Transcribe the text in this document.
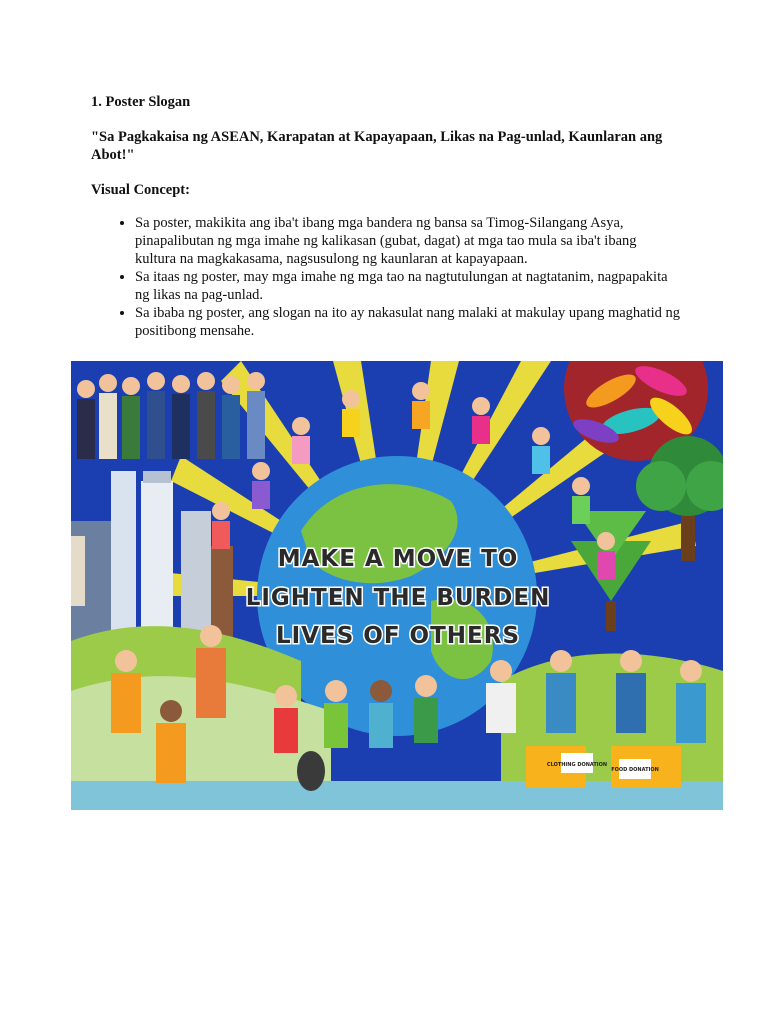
1. Poster Slogan

"Sa Pagkakaisa ng ASEAN, Karapatan at Kapayapaan, Likas na Pag-unlad, Kaunlaran ang Abot!"

Visual Concept:

• Sa poster, makikita ang iba't ibang mga bandera ng bansa sa Timog-Silangang Asya, pinapalibutan ng mga imahe ng kalikasan (gubat, dagat) at mga tao mula sa iba't ibang kultura na magkakasama, nagsusulong ng kaunlaran at kapayapaan.
• Sa itaas ng poster, may mga imahe ng mga tao na nagtutulungan at nagtatanim, nagpapakita ng likas na pag-unlad.
• Sa ibaba ng poster, ang slogan na ito ay nakasulat nang malaki at makulay upang maghatid ng positibong mensahe.
CLOTHING DONATION
FOOD DONATION
MAKE A MOVE TO
LIGHTEN THE BURDEN
LIVES OF OTHERS
